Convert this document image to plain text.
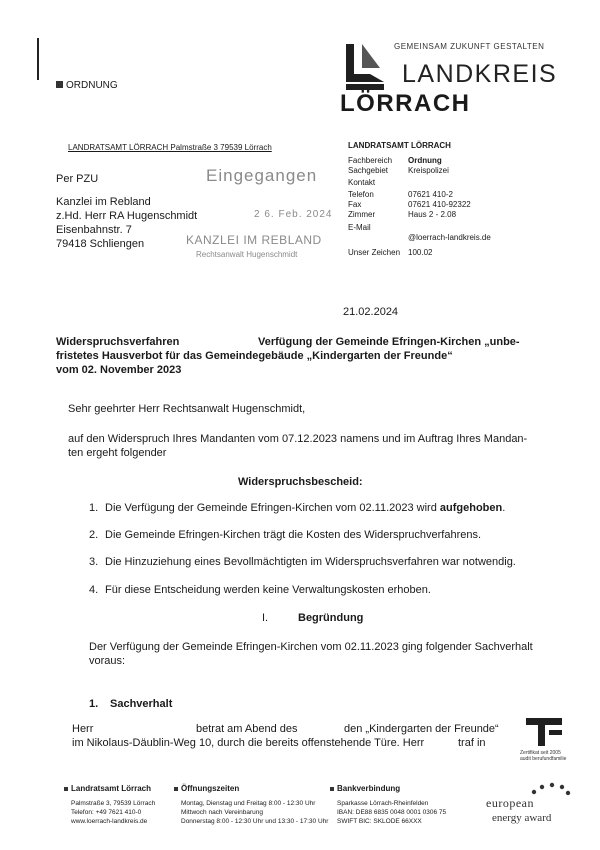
ORDNUNG
GEMEINSAM ZUKUNFT GESTALTEN
LANDKREIS
LÖRRACH
LANDRATSAMT LÖRRACH Palmstraße 3 79539 Lörrach
Per PZU
Kanzlei im Rebland
z.Hd. Herr RA Hugenschmidt
Eisenbahnstr. 7
79418 Schliengen
Eingegangen
2 6. Feb. 2024
KANZLEI IM REBLAND
Rechtsanwalt Hugenschmidt
LANDRATSAMT LÖRRACH
Fachbereich Ordnung
Sachgebiet Kreispolizei
Kontakt
Telefon	07621 410-2
Fax	07621 410-92322
Zimmer	Haus 2 - 2.08
E-Mail
@loerrach-landkreis.de
Unser Zeichen 100.02
21.02.2024
Widerspruchsverfahren	Verfügung der Gemeinde Efringen-Kirchen „unbe-
fristetes Hausverbot für das Gemeindegebäude „Kindergarten der Freunde“
vom 02. November 2023
Sehr geehrter Herr Rechtsanwalt Hugenschmidt,
auf den Widerspruch Ihres Mandanten vom 07.12.2023 namens und im Auftrag Ihres Mandan-
ten ergeht folgender
Widerspruchsbescheid:
1. Die Verfügung der Gemeinde Efringen-Kirchen vom 02.11.2023 wird aufgehoben.
2. Die Gemeinde Efringen-Kirchen trägt die Kosten des Widerspruchverfahrens.
3. Die Hinzuziehung eines Bevollmächtigten im Widerspruchsverfahren war notwendig.
4. Für diese Entscheidung werden keine Verwaltungskosten erhoben.
I.	Begründung
Der Verfügung der Gemeinde Efringen-Kirchen vom 02.11.2023 ging folgender Sachverhalt
voraus:
1. Sachverhalt
Herr	betrat am Abend des	den „Kindergarten der Freunde“
im Nikolaus-Däublin-Weg 10, durch die bereits offenstehende Türe. Herr	traf in
Zertifikat seit 2005
audit berufundfamilie
Landratsamt Lörrach
Palmstraße 3, 79539 Lörrach
Telefon: +49 7621 410-0
www.loerrach-landkreis.de
Öffnungszeiten
Montag, Dienstag und Freitag 8:00 - 12:30 Uhr
Mittwoch nach Vereinbarung
Donnerstag 8:00 - 12:30 Uhr und 13:30 - 17:30 Uhr
Bankverbindung
Sparkasse Lörrach-Rheinfelden
IBAN: DE88 6835 0048 0001 0306 75
SWIFT BIC: SKLODE 66XXX
european
energy award
